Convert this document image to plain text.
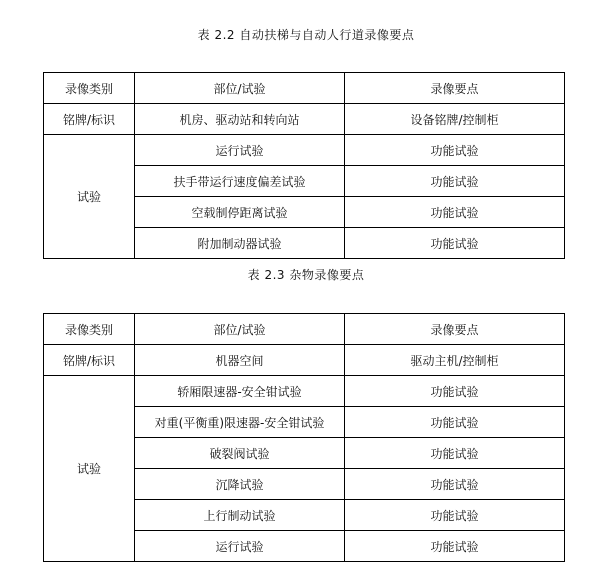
表 2.2 自动扶梯与自动人行道录像要点
录像类别	部位/试验	录像要点
铭牌/标识	机房、驱动站和转向站	设备铭牌/控制柜
试验	运行试验	功能试验
	扶手带运行速度偏差试验	功能试验
	空载制停距离试验	功能试验
	附加制动器试验	功能试验
表 2.3 杂物录像要点
录像类别	部位/试验	录像要点
铭牌/标识	机器空间	驱动主机/控制柜
试验	轿厢限速器-安全钳试验	功能试验
	对重(平衡重)限速器-安全钳试验	功能试验
	破裂阀试验	功能试验
	沉降试验	功能试验
	上行制动试验	功能试验
	运行试验	功能试验
